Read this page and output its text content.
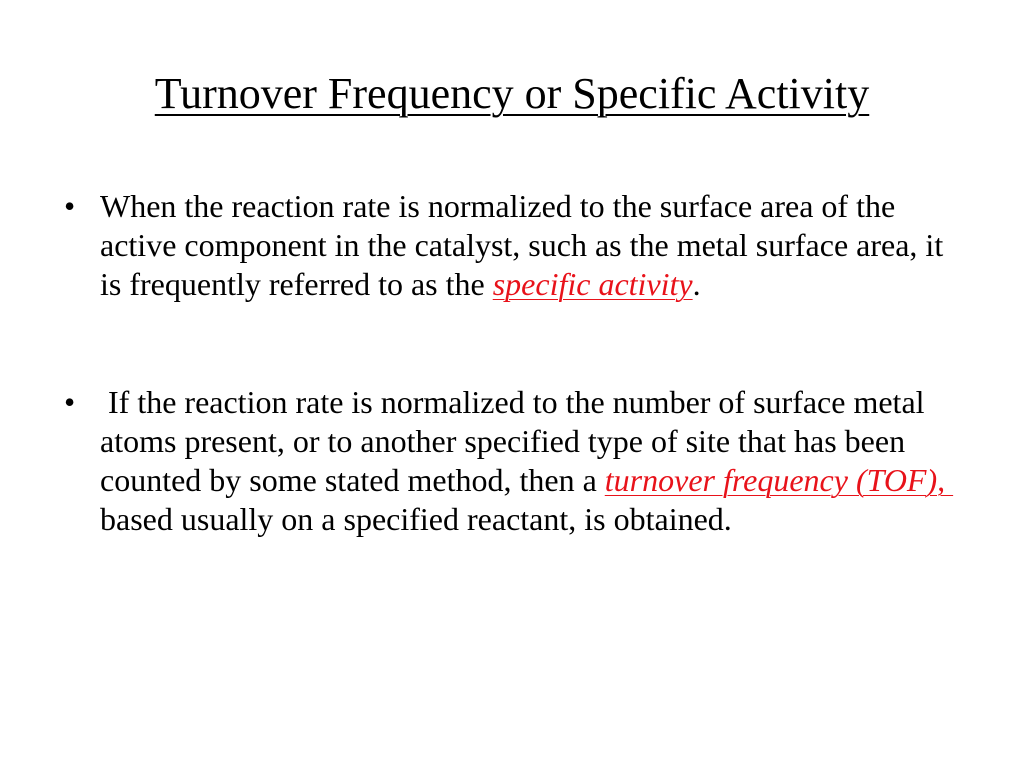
Turnover Frequency or Specific Activity
• When the reaction rate is normalized to the surface area of the active component in the catalyst, such as the metal surface area, it is frequently referred to as the specific activity.
• If the reaction rate is normalized to the number of surface metal atoms present, or to another specified type of site that has been counted by some stated method, then a turnover frequency (TOF), based usually on a specified reactant, is obtained.
